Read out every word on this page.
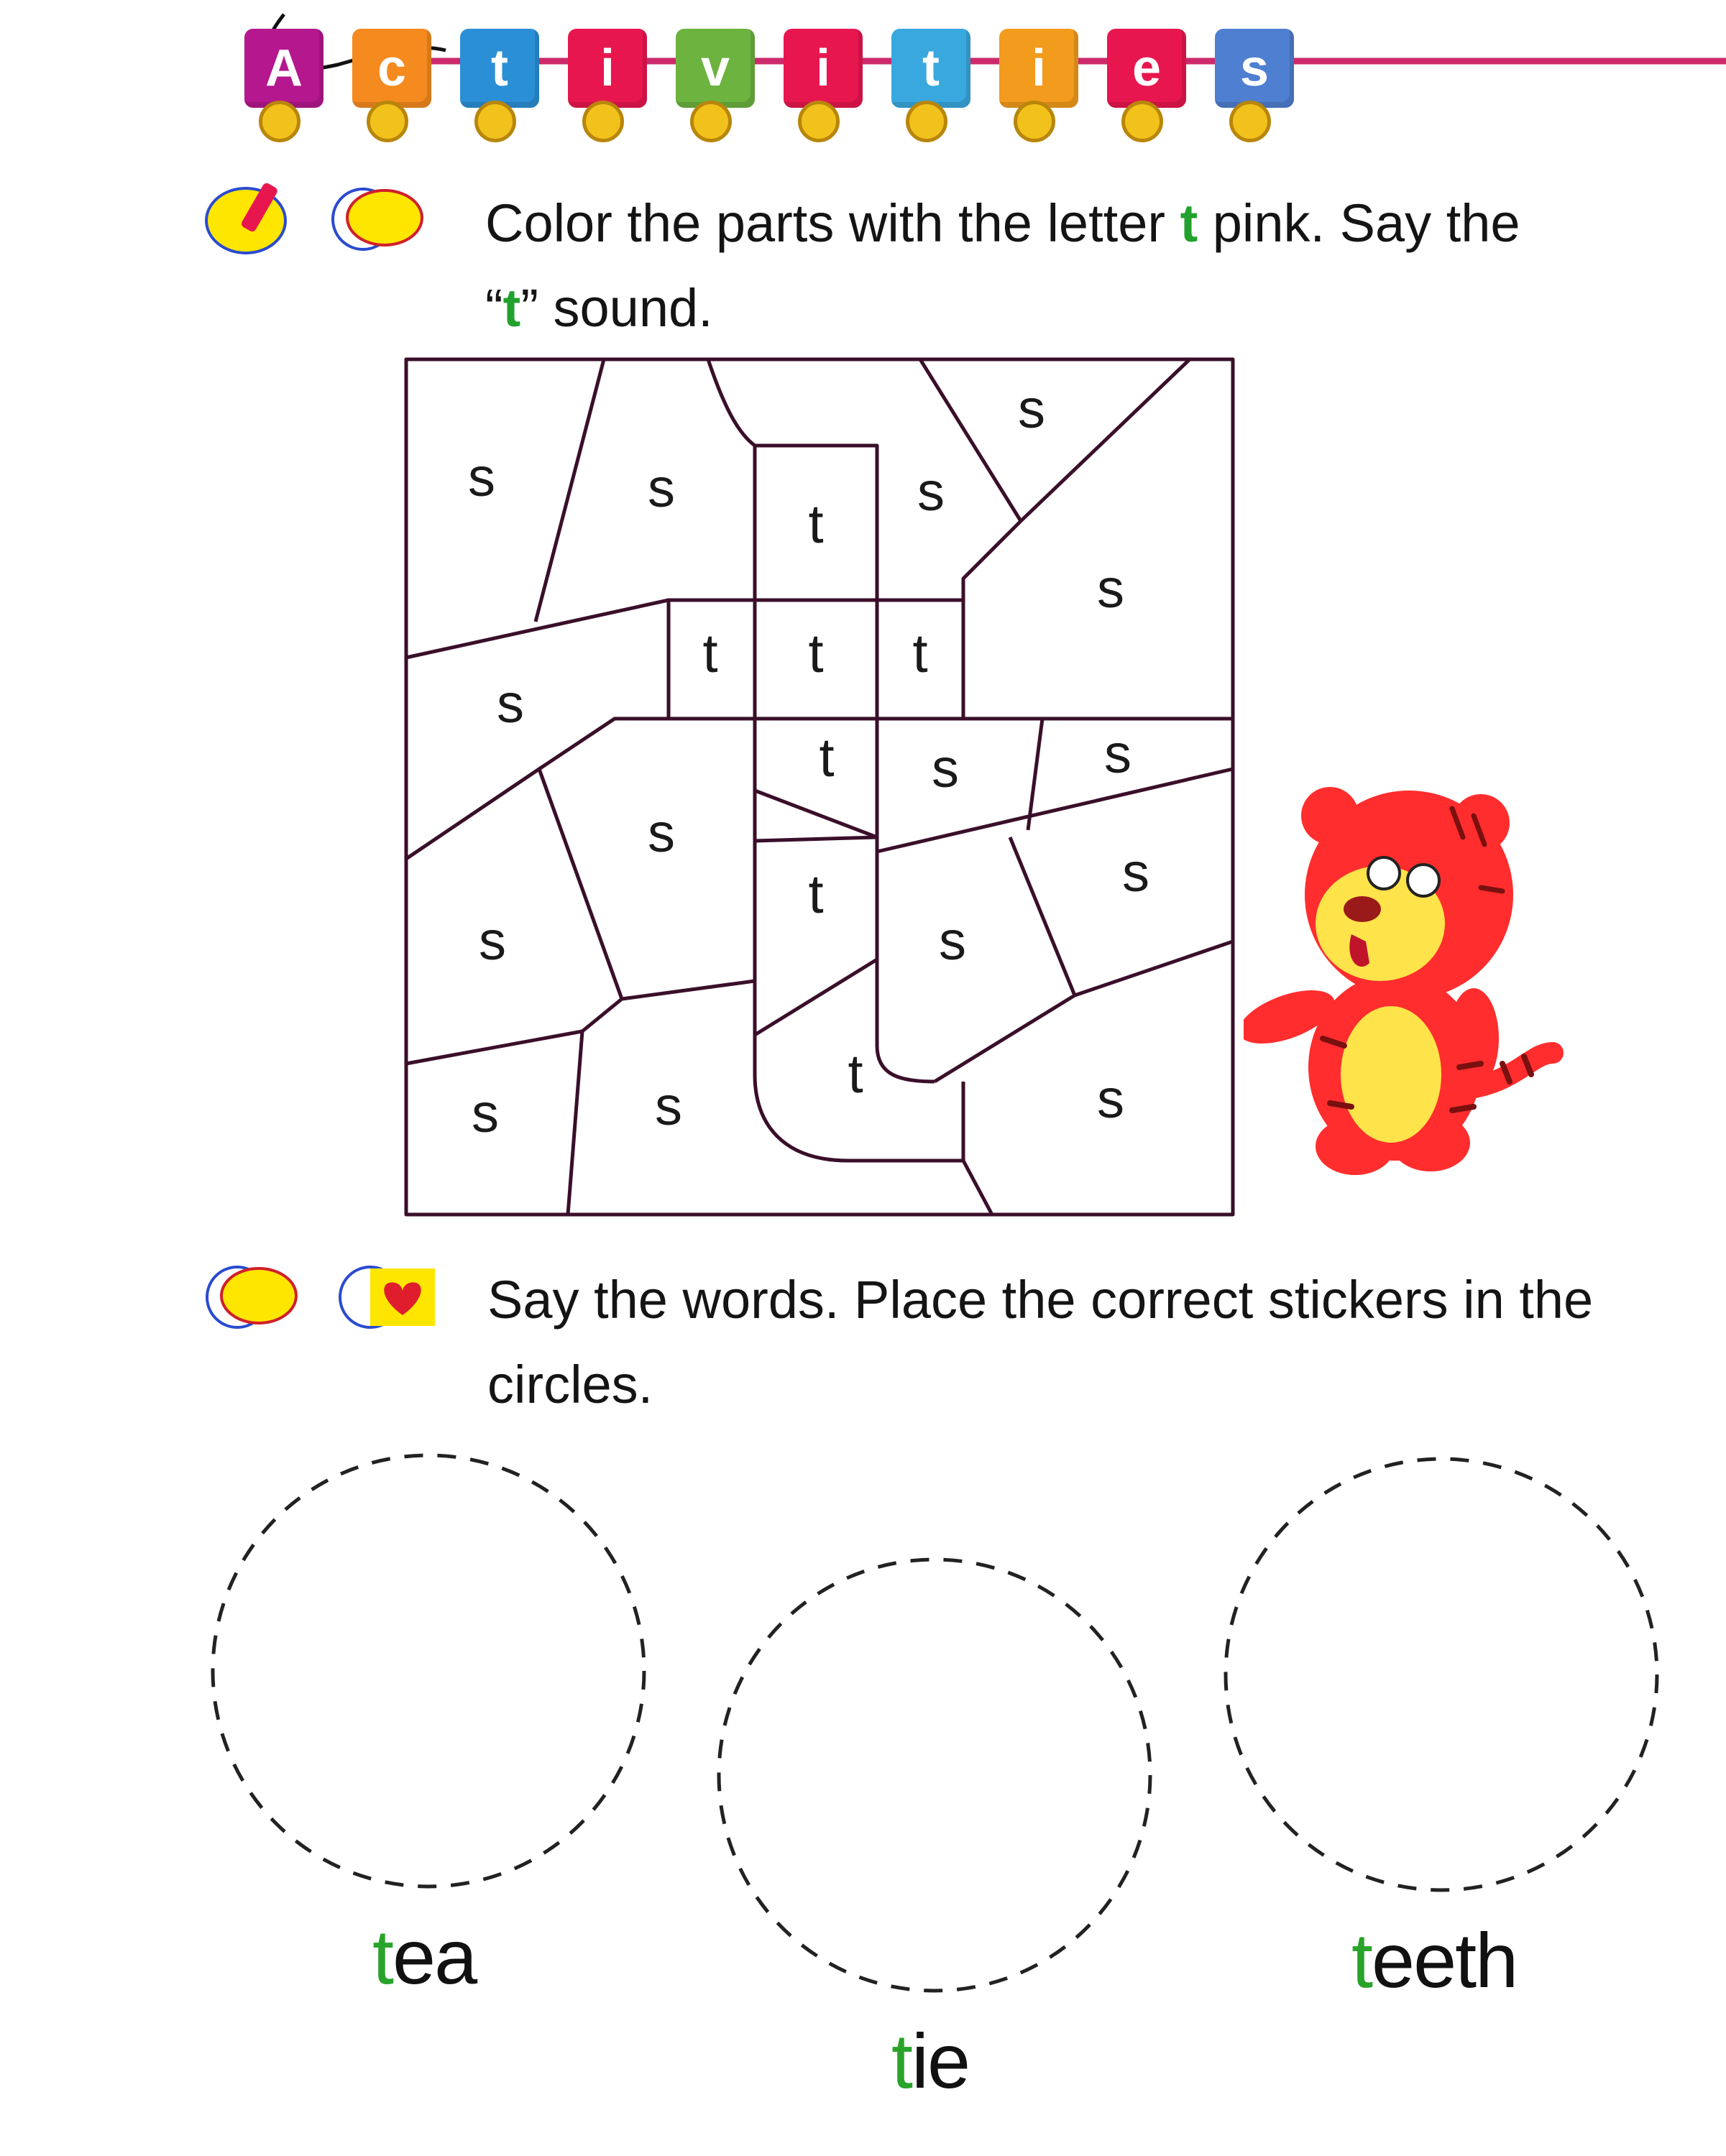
A c t i v i t i e s
Color the parts with the letter t pink. Say the
“t” sound.
s	s
t
s
s
s
t t t
s
t s	s
s
s
t
s
s
s
s	s
t
Say the words. Place the correct stickers in the
circles.
tea
tie
teeth
